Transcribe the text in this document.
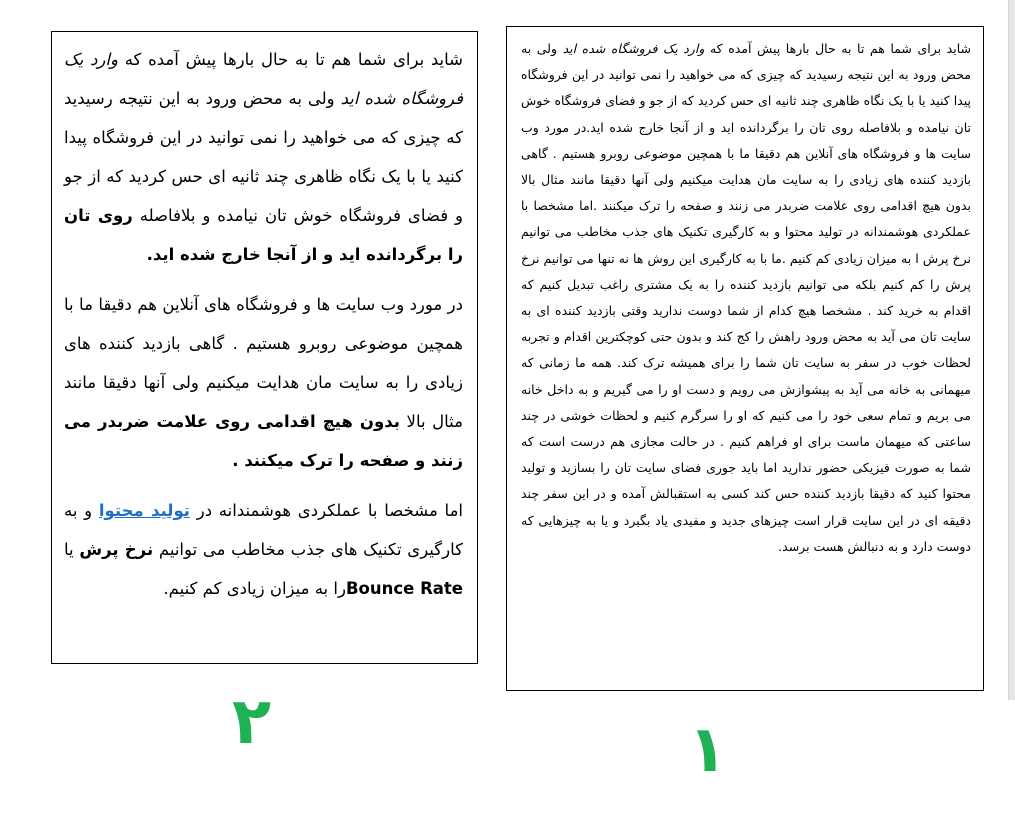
شاید برای شما هم تا به حال بارها پیش آمده که وارد یک فروشگاه شده اید ولی به محض ورود به این نتیجه رسیدید که چیزی که می خواهید را نمی توانید در این فروشگاه پیدا کنید یا با یک نگاه ظاهری چند ثانیه ای حس کردید که از جو و فضای فروشگاه خوش تان نیامده و بلافاصله روی تان را برگردانده اید و از آنجا خارج شده اید.

در مورد وب سایت ها و فروشگاه های آنلاین هم دقیقا ما با همچین موضوعی روبرو هستیم . گاهی بازدید کننده های زیادی را به سایت مان هدایت میکنیم ولی آنها دقیقا مانند مثال بالا بدون هیچ اقدامی روی علامت ضربدر می زنند و صفحه را ترک میکنند .

اما مشخصا با عملکردی هوشمندانه در تولید محتوا و به کارگیری تکنیک های جذب مخاطب می توانیم نرخ پرش یا Bounce Rateرا به میزان زیادی کم کنیم.

شاید برای شما هم تا به حال بارها پیش آمده که وارد یک فروشگاه شده اید ولی به محض ورود به این نتیجه رسیدید که چیزی که می خواهید را نمی توانید در این فروشگاه پیدا کنید یا با یک نگاه ظاهری چند ثانیه ای حس کردید که از جو و فضای فروشگاه خوش تان نیامده و بلافاصله روی تان را برگردانده اید و از آنجا خارج شده اید.در مورد وب سایت ها و فروشگاه های آنلاین هم دقیقا ما با همچین موضوعی روبرو هستیم . گاهی بازدید کننده های زیادی را به سایت مان هدایت میکنیم ولی آنها دقیقا مانند مثال بالا بدون هیچ اقدامی روی علامت ضربدر می زنند و صفحه را ترک میکنند .اما مشخصا با عملکردی هوشمندانه در تولید محتوا و به کارگیری تکنیک های جذب مخاطب می توانیم نرخ پرش ا به میزان زیادی کم کنیم .ما با به کارگیری این روش ها نه تنها می توانیم نرخ پرش را کم کنیم بلکه می توانیم بازدید کننده را به یک مشتری راغب تبدیل کنیم که اقدام به خرید کند . مشخصا هیچ کدام از شما دوست ندارید وقتی بازدید کننده ای به سایت تان می آید به محض ورود راهش را کج کند و بدون حتی کوچکترین اقدام و تجربه لحظات خوب در سفر به سایت تان شما را برای همیشه ترک کند. همه ما زمانی که میهمانی به خانه می آید به پیشوازش می رویم و دست او را می گیریم و به داخل خانه می بریم و تمام سعی خود را می کنیم که او را سرگرم کنیم و لحظات خوشی در چند ساعتی که میهمان ماست برای او فراهم کنیم . در حالت مجازی هم درست است که شما به صورت فیزیکی حضور ندارید اما باید جوری فضای سایت تان را بسازید و تولید محتوا کنید که دقیقا بازدید کننده حس کند کسی به استقبالش آمده و در این سفر چند دقیقه ای در این سایت قرار است چیزهای جدید و مفیدی یاد بگیرد و یا به چیزهایی که دوست دارد و به دنبالش هست برسد.

۲	۱
